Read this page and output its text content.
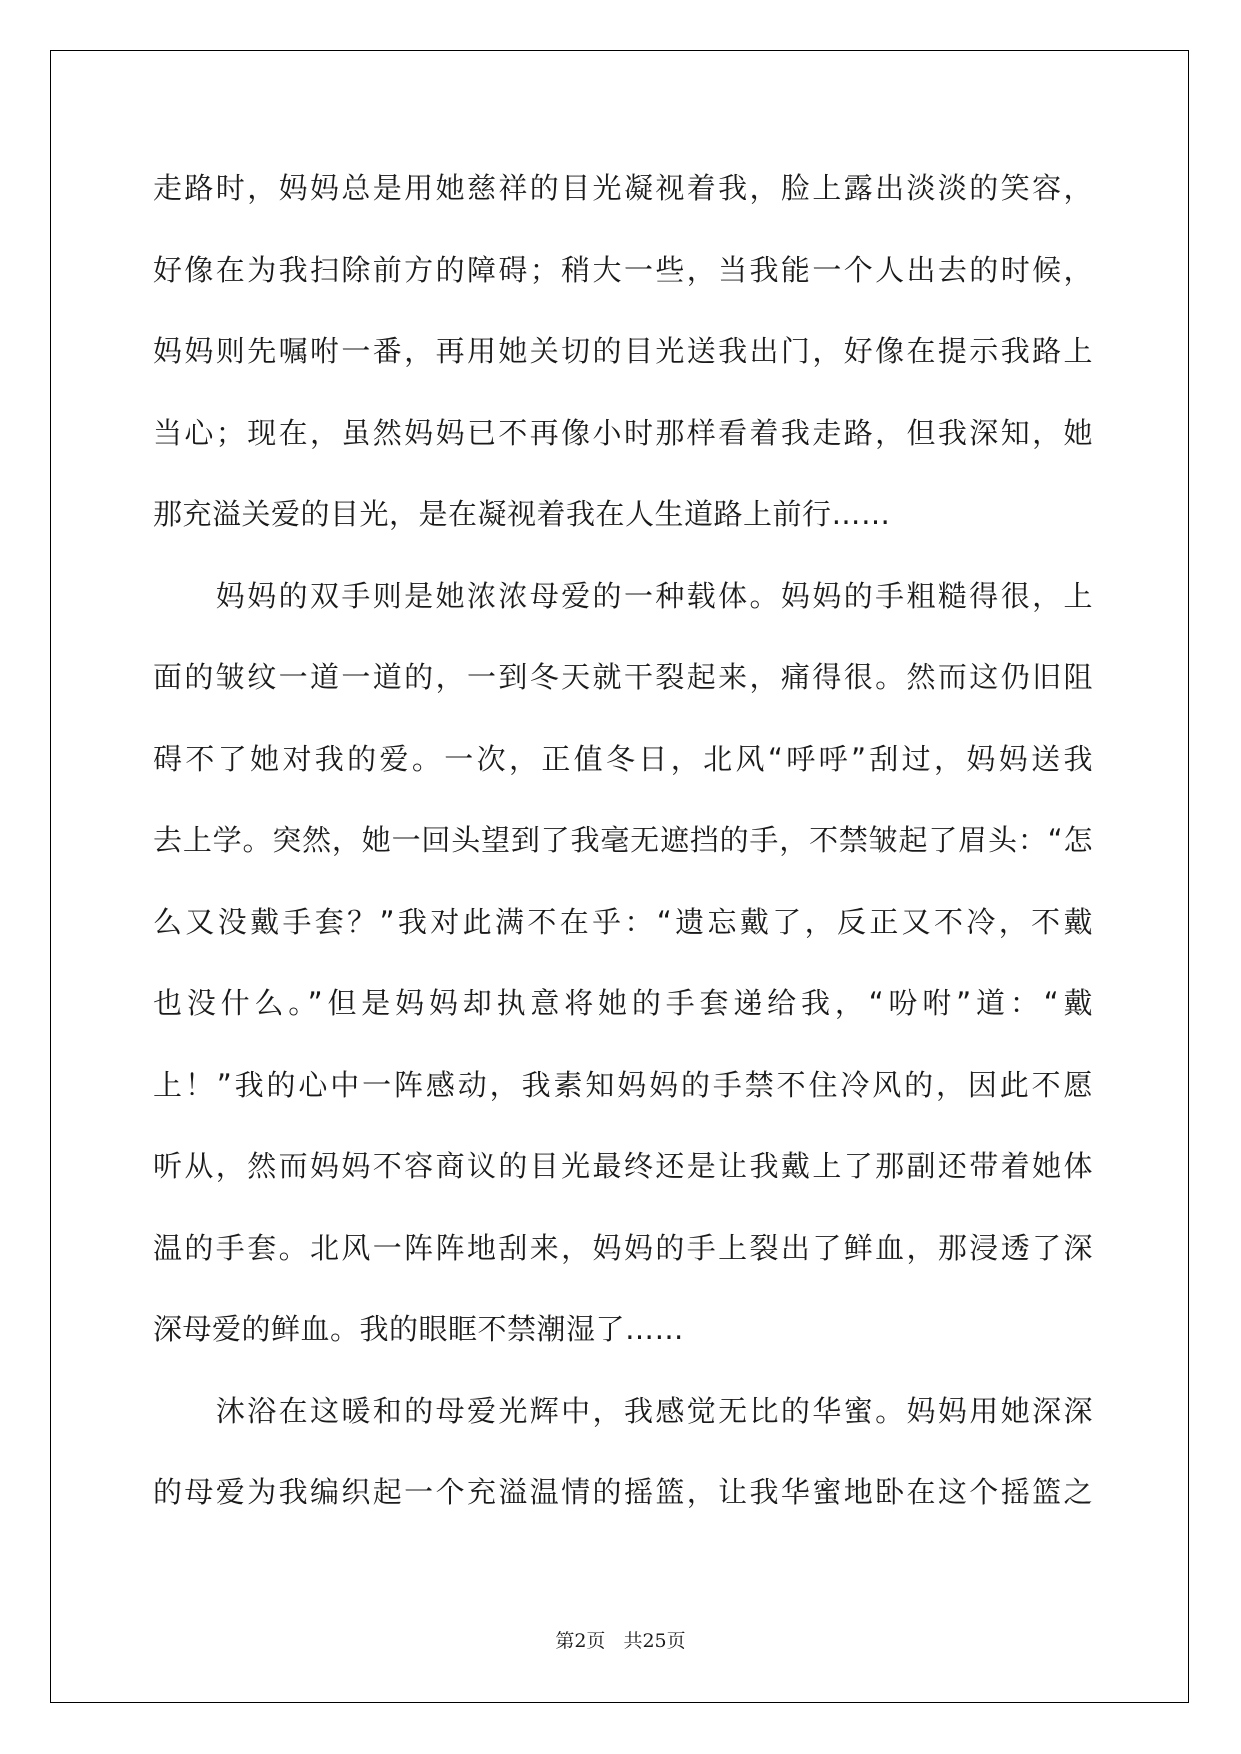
走路时，妈妈总是用她慈祥的目光凝视着我，脸上露出淡淡的笑容，
好像在为我扫除前方的障碍；稍大一些，当我能一个人出去的时候，
妈妈则先嘱咐一番，再用她关切的目光送我出门，好像在提示我路上
当心；现在，虽然妈妈已不再像小时那样看着我走路，但我深知，她
那充溢关爱的目光，是在凝视着我在人生道路上前行……
　　妈妈的双手则是她浓浓母爱的一种载体。妈妈的手粗糙得很，上
面的皱纹一道一道的，一到冬天就干裂起来，痛得很。然而这仍旧阻
碍不了她对我的爱。一次，正值冬日，北风“呼呼”刮过，妈妈送我
去上学。突然，她一回头望到了我毫无遮挡的手，不禁皱起了眉头：“怎
么又没戴手套？”我对此满不在乎：“遗忘戴了，反正又不冷，不戴
也没什么。”但是妈妈却执意将她的手套递给我，“吩咐”道：“戴
上！”我的心中一阵感动，我素知妈妈的手禁不住冷风的，因此不愿
听从，然而妈妈不容商议的目光最终还是让我戴上了那副还带着她体
温的手套。北风一阵阵地刮来，妈妈的手上裂出了鲜血，那浸透了深
深母爱的鲜血。我的眼眶不禁潮湿了……
　　沐浴在这暖和的母爱光辉中，我感觉无比的华蜜。妈妈用她深深
的母爱为我编织起一个充溢温情的摇篮，让我华蜜地卧在这个摇篮之
第2页 共25页
